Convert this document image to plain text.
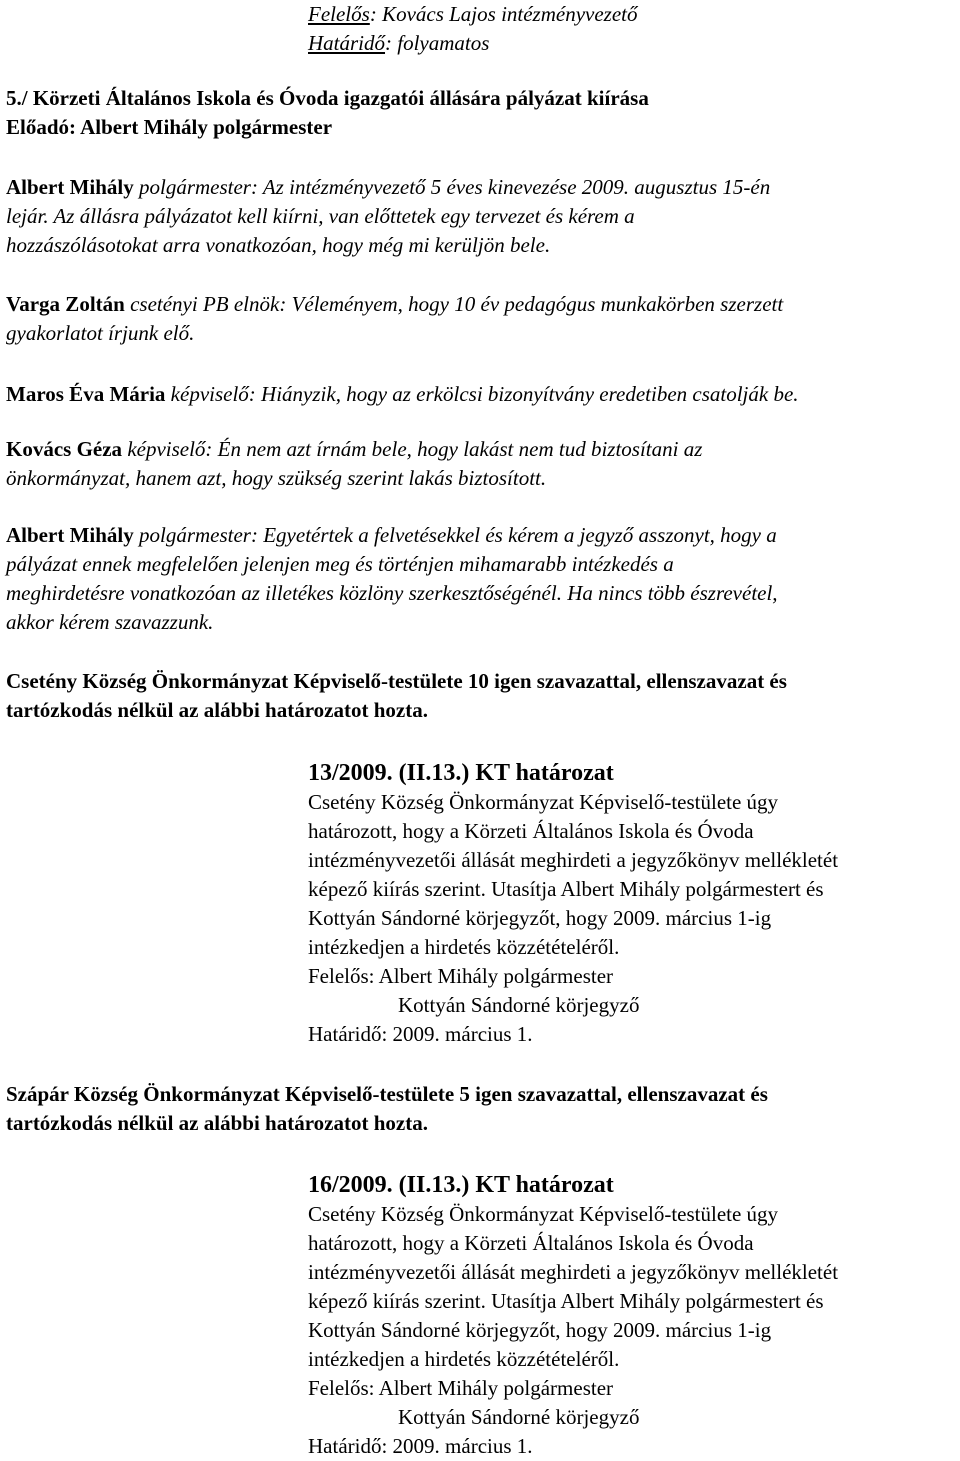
Felelős: Kovács Lajos intézményvezető
Határidő: folyamatos
5./ Körzeti Általános Iskola és Óvoda igazgatói állására pályázat kiírása
Előadó: Albert Mihály polgármester
Albert Mihály polgármester: Az intézményvezető 5 éves kinevezése 2009. augusztus 15-én
lejár. Az állásra pályázatot kell kiírni, van előttetek egy tervezet és kérem a
hozzászólásotokat arra vonatkozóan, hogy még mi kerüljön bele.
Varga Zoltán csetényi PB elnök: Véleményem, hogy 10 év pedagógus munkakörben szerzett
gyakorlatot írjunk elő.
Maros Éva Mária képviselő: Hiányzik, hogy az erkölcsi bizonyítvány eredetiben csatolják be.
Kovács Géza képviselő: Én nem azt írnám bele, hogy lakást nem tud biztosítani az
önkormányzat, hanem azt, hogy szükség szerint lakás biztosított.
Albert Mihály polgármester: Egyetértek a felvetésekkel és kérem a jegyző asszonyt, hogy a
pályázat ennek megfelelően jelenjen meg és történjen mihamarabb intézkedés a
meghirdetésre vonatkozóan az illetékes közlöny szerkesztőségénél. Ha nincs több észrevétel,
akkor kérem szavazzunk.
Csetény Község Önkormányzat Képviselő-testülete 10 igen szavazattal, ellenszavazat és
tartózkodás nélkül az alábbi határozatot hozta.
13/2009. (II.13.) KT határozat
Csetény Község Önkormányzat Képviselő-testülete úgy
határozott, hogy a Körzeti Általános Iskola és Óvoda
intézményvezetői állását meghirdeti a jegyzőkönyv mellékletét
képező kiírás szerint. Utasítja Albert Mihály polgármestert és
Kottyán Sándorné körjegyzőt, hogy 2009. március 1-ig
intézkedjen a hirdetés közzétételéről.
Felelős: Albert Mihály polgármester
Kottyán Sándorné körjegyző
Határidő: 2009. március 1.
Szápár Község Önkormányzat Képviselő-testülete 5 igen szavazattal, ellenszavazat és
tartózkodás nélkül az alábbi határozatot hozta.
16/2009. (II.13.) KT határozat
Csetény Község Önkormányzat Képviselő-testülete úgy
határozott, hogy a Körzeti Általános Iskola és Óvoda
intézményvezetői állását meghirdeti a jegyzőkönyv mellékletét
képező kiírás szerint. Utasítja Albert Mihály polgármestert és
Kottyán Sándorné körjegyzőt, hogy 2009. március 1-ig
intézkedjen a hirdetés közzétételéről.
Felelős: Albert Mihály polgármester
Kottyán Sándorné körjegyző
Határidő: 2009. március 1.
